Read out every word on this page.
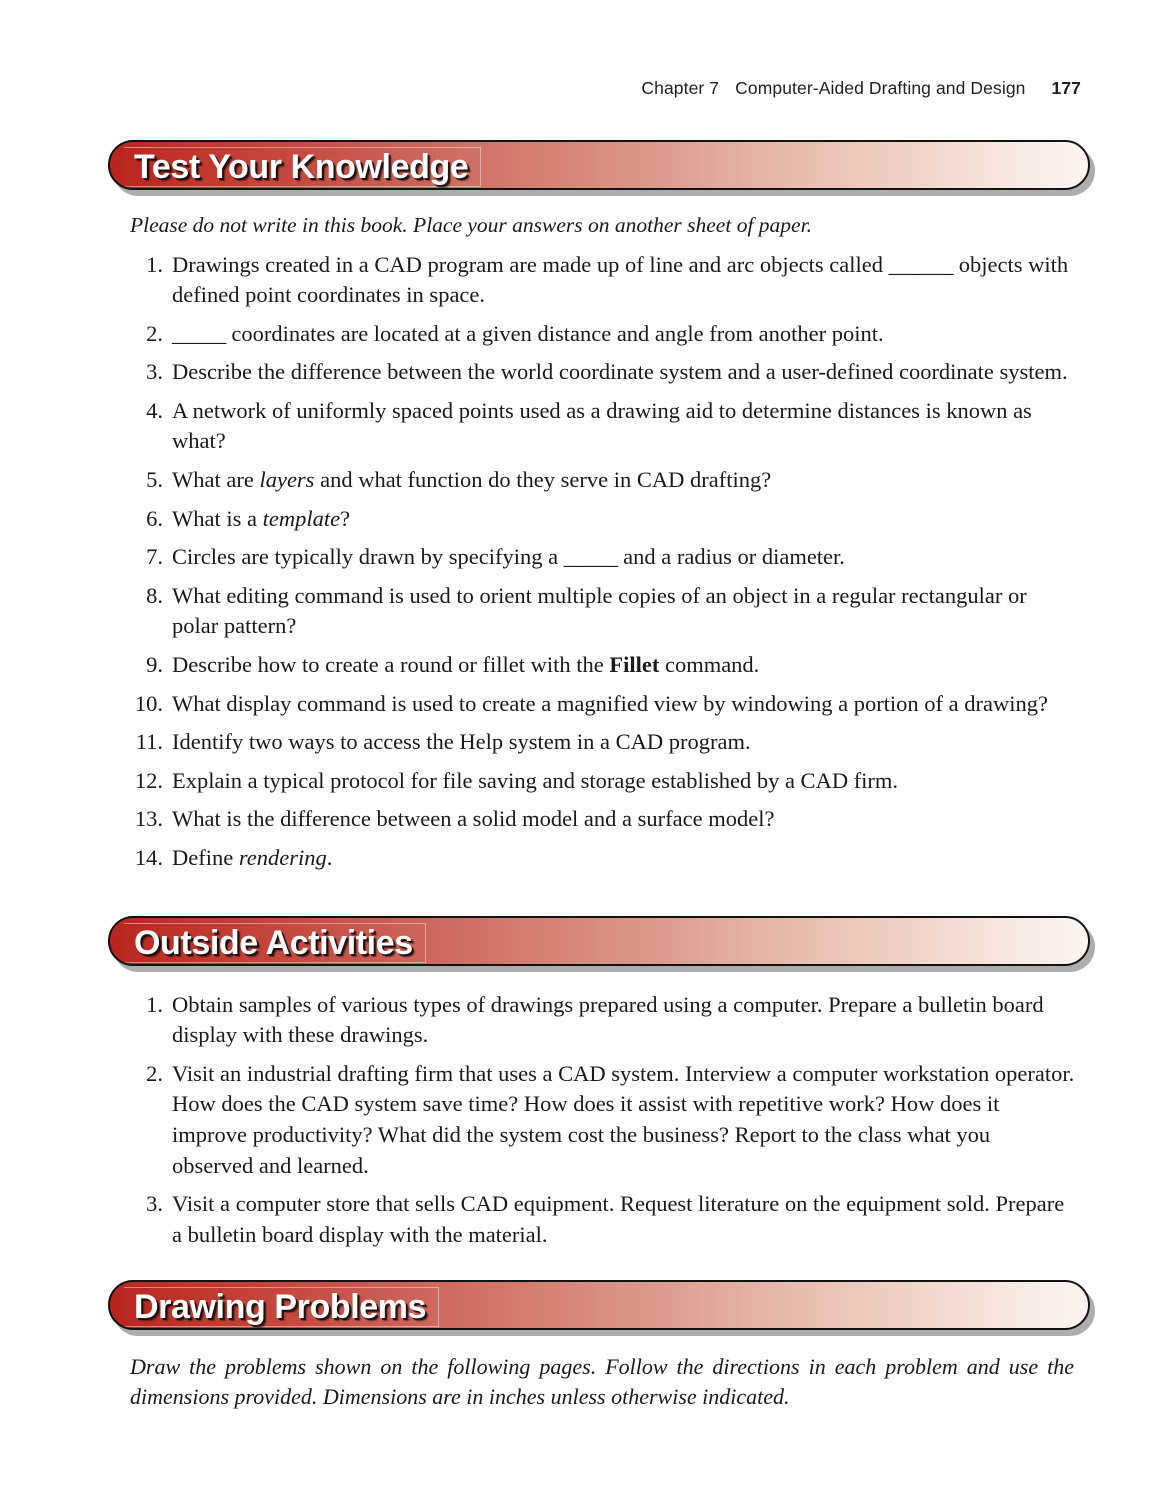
Chapter 7 Computer-Aided Drafting and Design 177
Test Your Knowledge

Please do not write in this book. Place your answers on another sheet of paper.

1. Drawings created in a CAD program are made up of line and arc objects called ______ objects with defined point coordinates in space.
2. _____ coordinates are located at a given distance and angle from another point.
3. Describe the difference between the world coordinate system and a user-defined coordinate system.
4. A network of uniformly spaced points used as a drawing aid to determine distances is known as what?
5. What are layers and what function do they serve in CAD drafting?
6. What is a template?
7. Circles are typically drawn by specifying a _____ and a radius or diameter.
8. What editing command is used to orient multiple copies of an object in a regular rectangular or polar pattern?
9. Describe how to create a round or fillet with the Fillet command.
10. What display command is used to create a magnified view by windowing a portion of a drawing?
11. Identify two ways to access the Help system in a CAD program.
12. Explain a typical protocol for file saving and storage established by a CAD firm.
13. What is the difference between a solid model and a surface model?
14. Define rendering.
Outside Activities
1. Obtain samples of various types of drawings prepared using a computer. Prepare a bulletin board display with these drawings.
2. Visit an industrial drafting firm that uses a CAD system. Interview a computer workstation operator. How does the CAD system save time? How does it assist with repetitive work? How does it improve productivity? What did the system cost the business? Report to the class what you observed and learned.
3. Visit a computer store that sells CAD equipment. Request literature on the equipment sold. Prepare a bulletin board display with the material.
Drawing Problems

Draw the problems shown on the following pages. Follow the directions in each problem and use the dimensions provided. Dimensions are in inches unless otherwise indicated.
